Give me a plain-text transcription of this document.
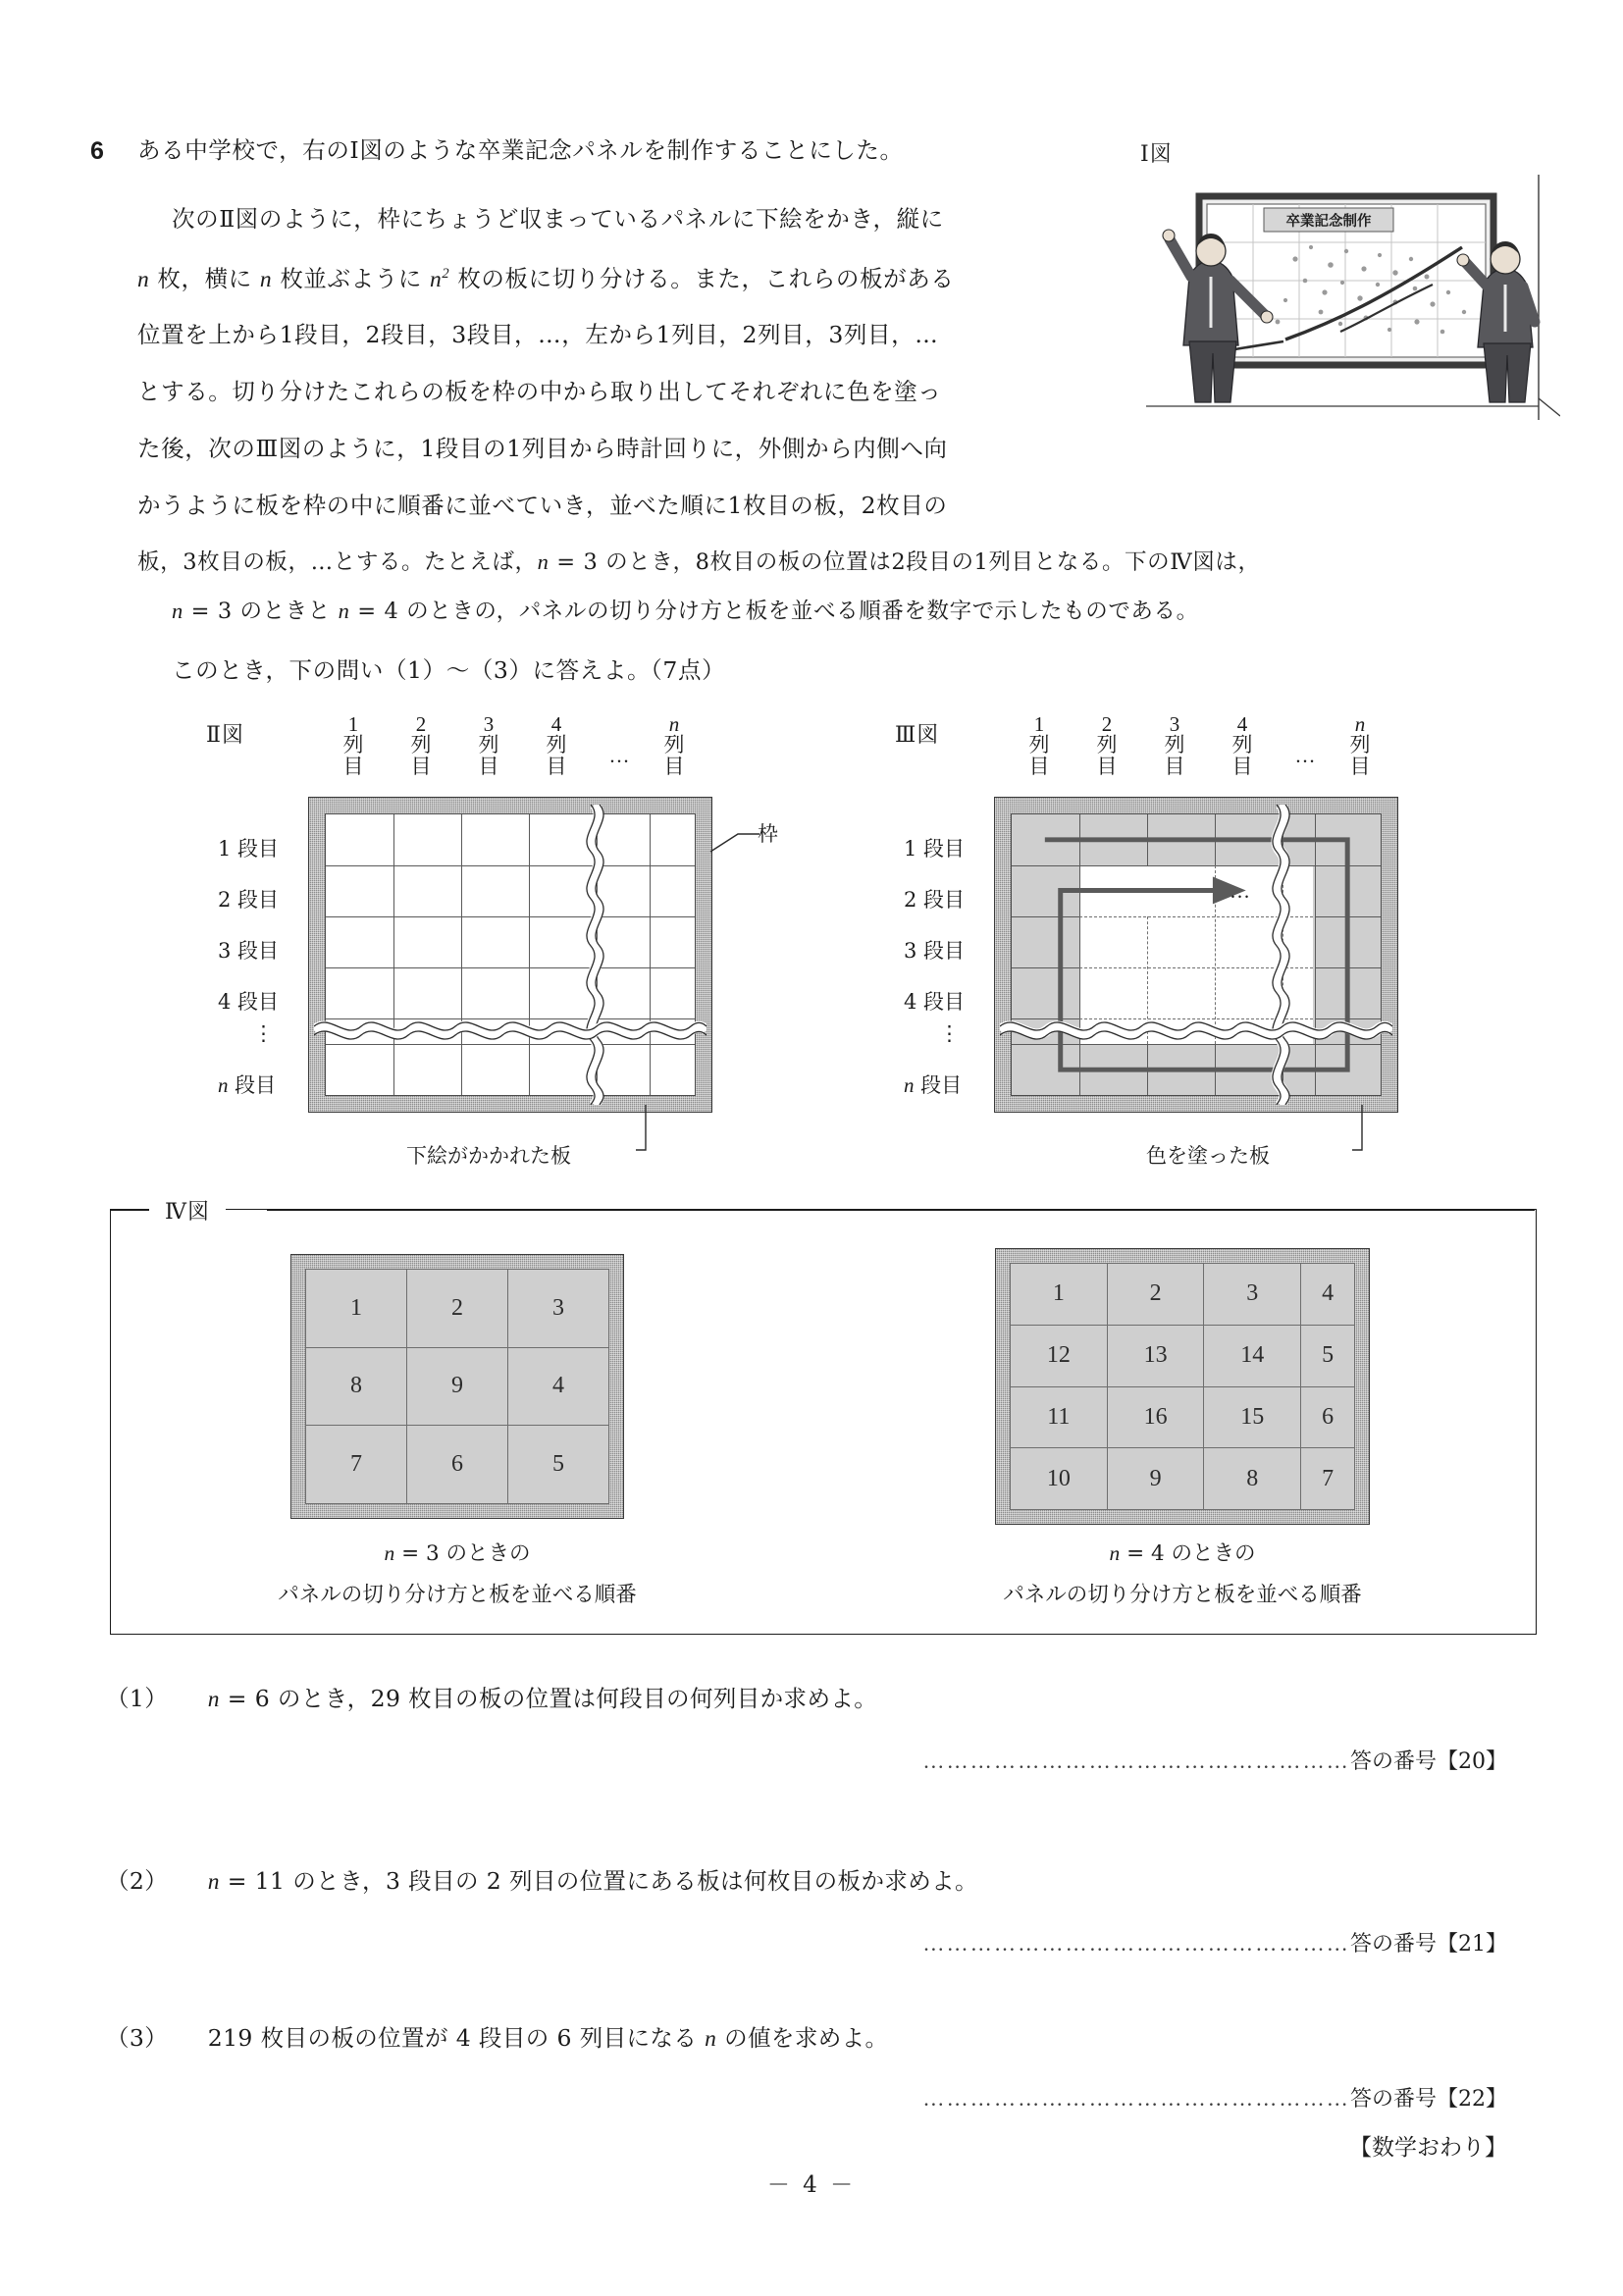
6 ある中学校で，右のⅠ図のような卒業記念パネルを制作することにした。
次のⅡ図のように，枠にちょうど収まっているパネルに下絵をかき，縦に
n 枚，横に n 枚並ぶように $n^2$ 枚の板に切り分ける。また，これらの板がある
位置を上から1段目，2段目，3段目，…，左から1列目，2列目，3列目，…
とする。切り分けたこれらの板を枠の中から取り出してそれぞれに色を塗っ
た後，次のⅢ図のように，1段目の1列目から時計回りに，外側から内側へ向
かうように板を枠の中に順番に並べていき，並べた順に1枚目の板，2枚目の
板，3枚目の板，…とする。たとえば，n = 3 のとき，8枚目の板の位置は2段目の1列目となる。下のⅣ図は，
n = 3 のときと n = 4 のときの，パネルの切り分け方と板を並べる順番を数字で示したものである。
このとき，下の問い（1）～（3）に答えよ。（7点）
Ⅰ図
卒業記念制作
Ⅱ図	1
列
目
2
列
目
3
列
目
4
列
目	…
n
列
目
1 段目
2 段目
3 段目
4 段目
⋮
n 段目
枠
下絵がかかれた板
Ⅲ図	1
列
目
2
列
目
3
列
目
4
列
目	…
n
列
目
1 段目
2 段目
3 段目
4 段目
⋮
n 段目
…
色を塗った板
Ⅳ図
1	2	3
8	9	4
7	6	5
n = 3 のときの
パネルの切り分け方と板を並べる順番
1	2	3	4
12	13	14	5
11	16	15	6
10	9	8	7
n = 4 のときの
パネルの切り分け方と板を並べる順番
（1） n = 6 のとき，29 枚目の板の位置は何段目の何列目か求めよ。
………………………………………………答の番号【20】
（2） n = 11 のとき，3 段目の 2 列目の位置にある板は何枚目の板か求めよ。
………………………………………………答の番号【21】
（3） 219 枚目の板の位置が 4 段目の 6 列目になる n の値を求めよ。
………………………………………………答の番号【22】
【数学おわり】
－ 4 －
